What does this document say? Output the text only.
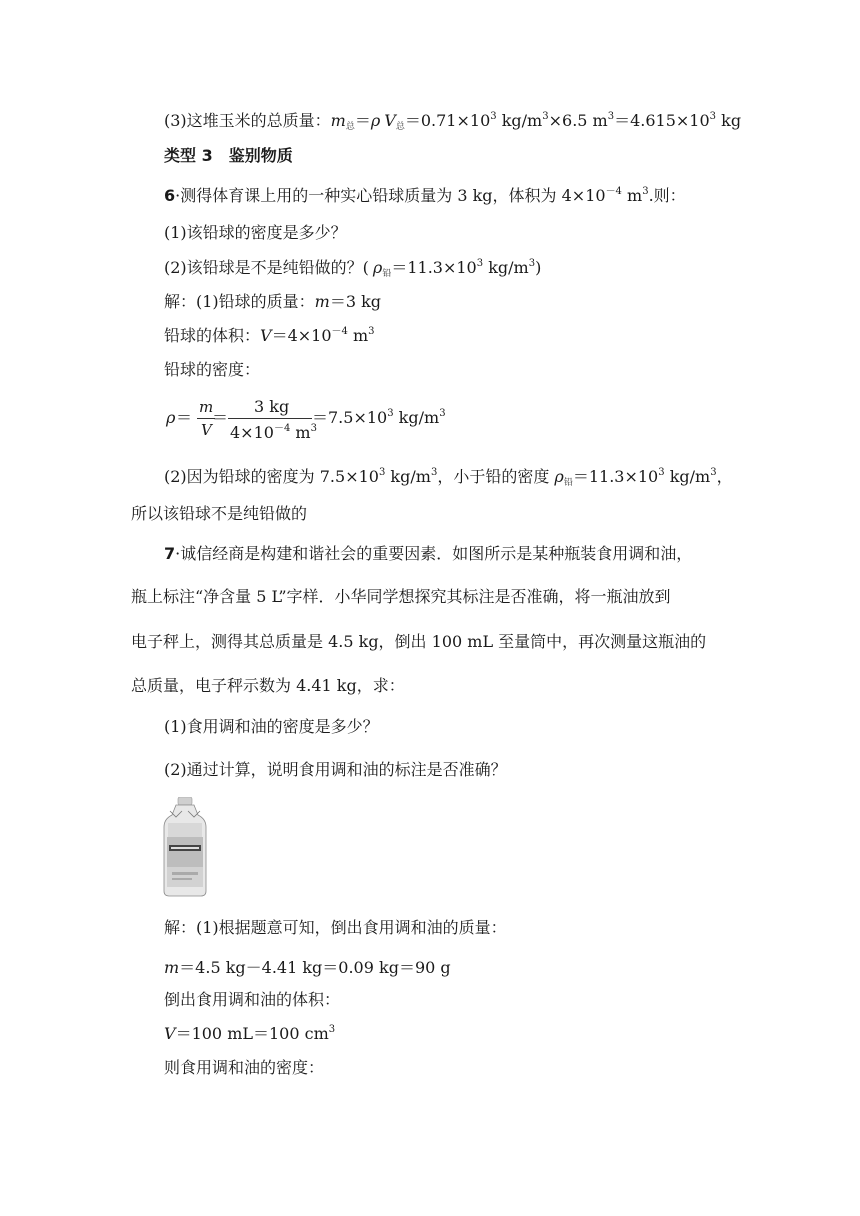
(3)这堆玉米的总质量：$m_总=\rho$ $V_总=0.71\times 10^3$ $kg/m^3\times 6.5$ $m^3=4.615\times 10^3$ kg
类型 3　鉴别物质
6·测得体育课上用的一种实心铅球质量为 3 kg，体积为 $4\times 10^{-4}$ $m^3$.则：
(1)该铅球的密度是多少？
(2)该铅球是不是纯铅做的？( $\rho_铅=11.3\times 10^3$ $kg/m^3$)
解：(1)铅球的质量：m＝3 kg
铅球的体积：$V=4\times 10^{-4}$ $m^3$
铅球的密度：
ρ ＝
m
V
＝
3 kg
$4\times 10^{-4}$ $m^3$
$=7.5\times 10^3$ $kg/m^3$
(2)因为铅球的密度为 $7.5\times 10^3$ $kg/m^3$，小于铅的密度 $\rho_铅=11.3\times 10^3$ $kg/m^3$，
所以该铅球不是纯铅做的
7·诚信经商是构建和谐社会的重要因素．如图所示是某种瓶装食用调和油，
瓶上标注“净含量 5 L”字样．小华同学想探究其标注是否准确，将一瓶油放到
电子秤上，测得其总质量是 4.5 kg，倒出 100 mL 至量筒中，再次测量这瓶油的
总质量，电子秤示数为 4.41 kg，求：
(1)食用调和油的密度是多少？
(2)通过计算，说明食用调和油的标注是否准确？
解：(1)根据题意可知，倒出食用调和油的质量：
m＝4.5 kg－4.41 kg＝0.09 kg＝90 g
倒出食用调和油的体积：
V＝100 mL＝100 $cm^3$
则食用调和油的密度：
